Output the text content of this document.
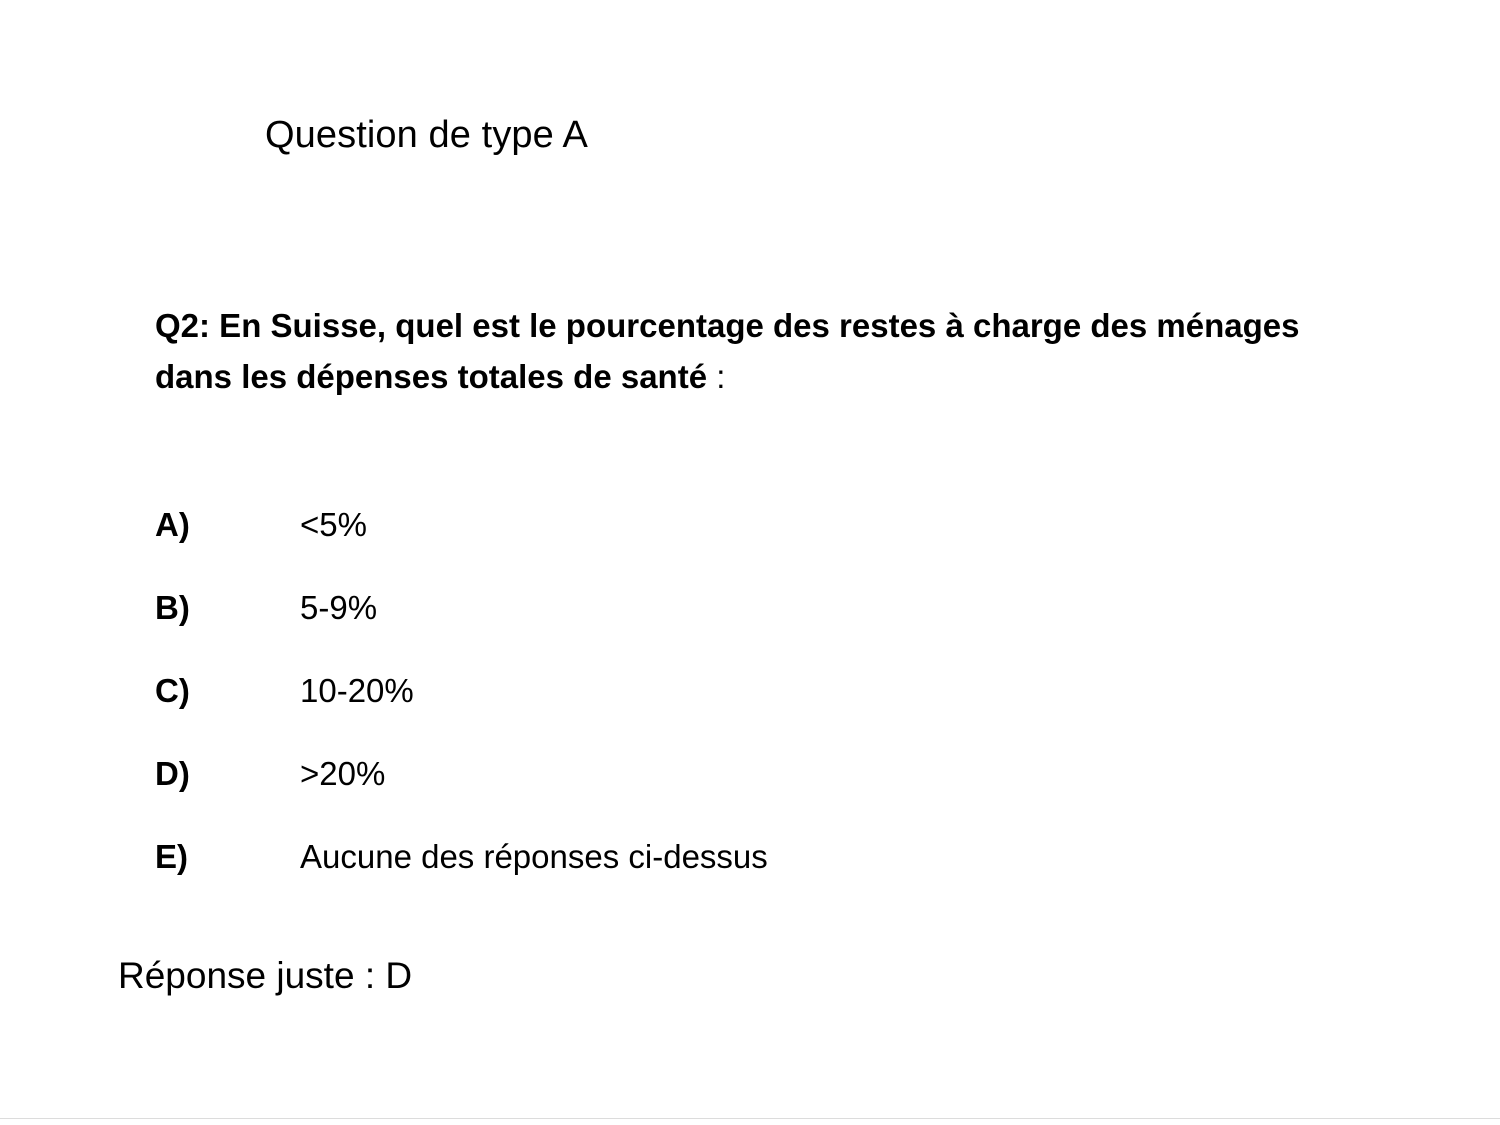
Question de type A
Q2: En Suisse, quel est le pourcentage des restes à charge des ménages dans les dépenses totales de santé :
A)	<5%
B)	5-9%
C)	10-20%
D)	>20%
E)	Aucune des réponses ci-dessus
Réponse juste : D
